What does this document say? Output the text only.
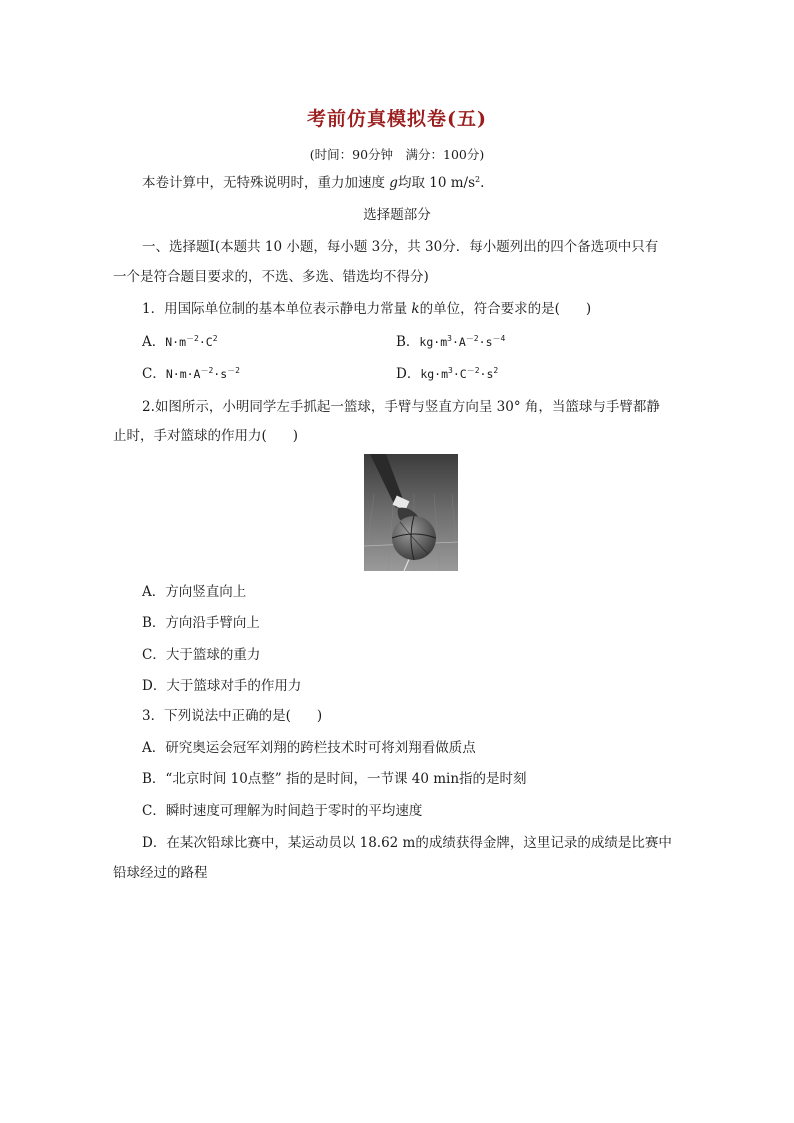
考前仿真模拟卷(五)
(时间：90分钟　满分：100分)
本卷计算中，无特殊说明时，重力加速度 g均取 10 $m/s^2$.
选择题部分
一、选择题Ⅰ(本题共 10 小题，每小题 3分，共 30分．每小题列出的四个备选项中只有
一个是符合题目要求的，不选、多选、错选均不得分)
1．用国际单位制的基本单位表示静电力常量 k的单位，符合要求的是( )
A．$N\cdot m^{-2}\cdot C^2$	B．$kg\cdot m^3\cdot A^{-2}\cdot s^{-4}$
C．$N\cdot m\cdot A^{-2}\cdot s^{-2}$	D．$kg\cdot m^3\cdot C^{-2}\cdot s^2$
2.如图所示，小明同学左手抓起一篮球，手臂与竖直方向呈 30° 角，当篮球与手臂都静
止时，手对篮球的作用力( )
A．方向竖直向上
B．方向沿手臂向上
C．大于篮球的重力
D．大于篮球对手的作用力
3．下列说法中正确的是( )
A．研究奥运会冠军刘翔的跨栏技术时可将刘翔看做质点
B．“北京时间 10点整” 指的是时间，一节课 40 min指的是时刻
C．瞬时速度可理解为时间趋于零时的平均速度
D．在某次铅球比赛中，某运动员以 18.62 m的成绩获得金牌，这里记录的成绩是比赛中
铅球经过的路程
